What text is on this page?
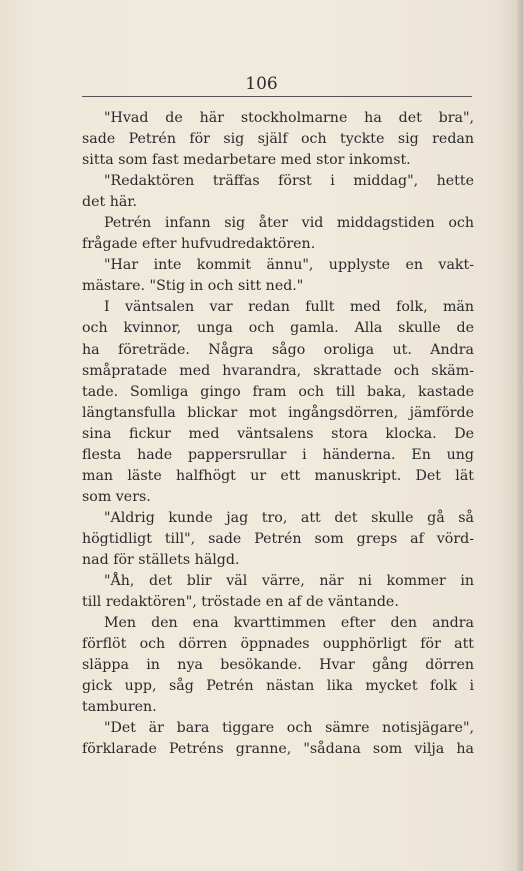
106
"Hvad de här stockholmarne ha det bra",
sade Petrén för sig själf och tyckte sig redan
sitta som fast medarbetare med stor inkomst.
"Redaktören träffas först i middag", hette
det här.
Petrén infann sig åter vid middagstiden och
frågade efter hufvudredaktören.
"Har inte kommit ännu", upplyste en vakt-
mästare. "Stig in och sitt ned."
I väntsalen var redan fullt med folk, män
och kvinnor, unga och gamla. Alla skulle de
ha företräde. Några sågo oroliga ut. Andra
småpratade med hvarandra, skrattade och skäm-
tade. Somliga gingo fram och till baka, kastade
längtansfulla blickar mot ingångsdörren, jämförde
sina fickur med väntsalens stora klocka. De
flesta hade pappersrullar i händerna. En ung
man läste halfhögt ur ett manuskript. Det lät
som vers.
"Aldrig kunde jag tro, att det skulle gå så
högtidligt till", sade Petrén som greps af vörd-
nad för ställets hälgd.
"Åh, det blir väl värre, när ni kommer in
till redaktören", tröstade en af de väntande.
Men den ena kvarttimmen efter den andra
förflöt och dörren öppnades oupphörligt för att
släppa in nya besökande. Hvar gång dörren
gick upp, såg Petrén nästan lika mycket folk i
tamburen.
"Det är bara tiggare och sämre notisjägare",
förklarade Petréns granne, "sådana som vilja ha
